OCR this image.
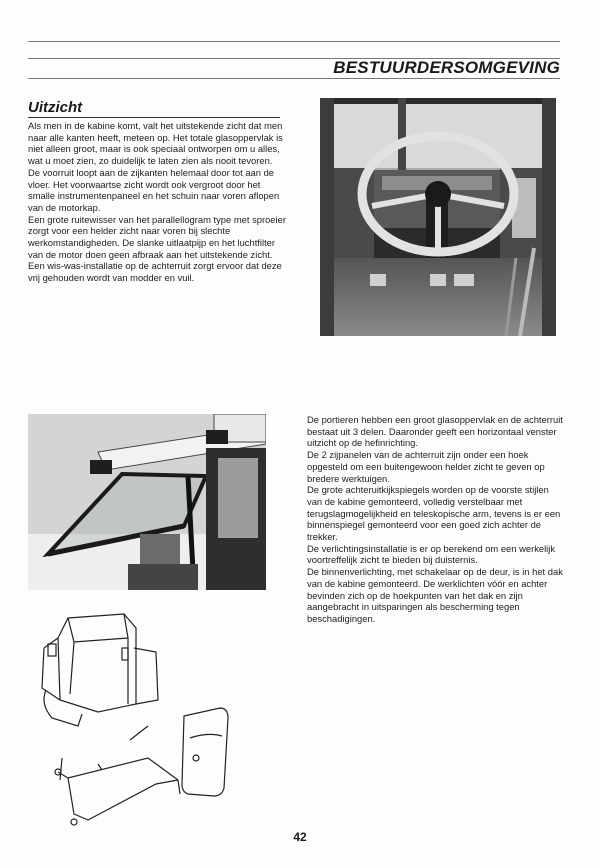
BESTUURDERSOMGEVING
Uitzicht

Als men in de kabine komt, valt het uitstekende zicht dat men naar alle kanten heeft, meteen op. Het totale glasoppervlak is niet alleen groot, maar is ook speciaal ontworpen om u alles, wat u moet zien, zo duidelijk te laten zien als nooit tevoren.

De voorruit loopt aan de zijkanten helemaal door tot aan de vloer. Het voorwaartse zicht wordt ook vergroot door het smalle instrumentenpaneel en het schuin naar voren aflopen van de motorkap.

Een grote ruitewisser van het parallellogram type met sproeier zorgt voor een helder zicht naar voren bij slechte werkomstandigheden. De slanke uitlaatpijp en het luchtfilter van de motor doen geen afbraak aan het uitstekende zicht.

Een wis-was-installatie op de achterruit zorgt ervoor dat deze vrij gehouden wordt van modder en vuil.

De portieren hebben een groot glasoppervlak en de achterruit bestaat uit 3 delen. Daaronder geeft een horizontaal venster uitzicht op de hefinrichting.

De 2 zijpanelen van de achterruit zijn onder een hoek opgesteld om een buitengewoon helder zicht te geven op bredere werktuigen.

De grote achteruitkijkspiegels worden op de voorste stijlen van de kabine gemonteerd, volledig verstelbaar met terugslagmogelijkheid en teleskopische arm, tevens is er een binnenspiegel gemonteerd voor een goed zich achter de trekker.

De verlichtingsinstallatie is er op berekend om een werkelijk voortreffelijk zicht te bieden bij duisternis.

De binnenverlichting, met schakelaar op de deur, is in het dak van de kabine gemonteerd. De werklichten vóór en achter bevinden zich op de hoekpunten van het dak en zijn aangebracht in uitsparingen als bescherming tegen beschadigingen.

42
